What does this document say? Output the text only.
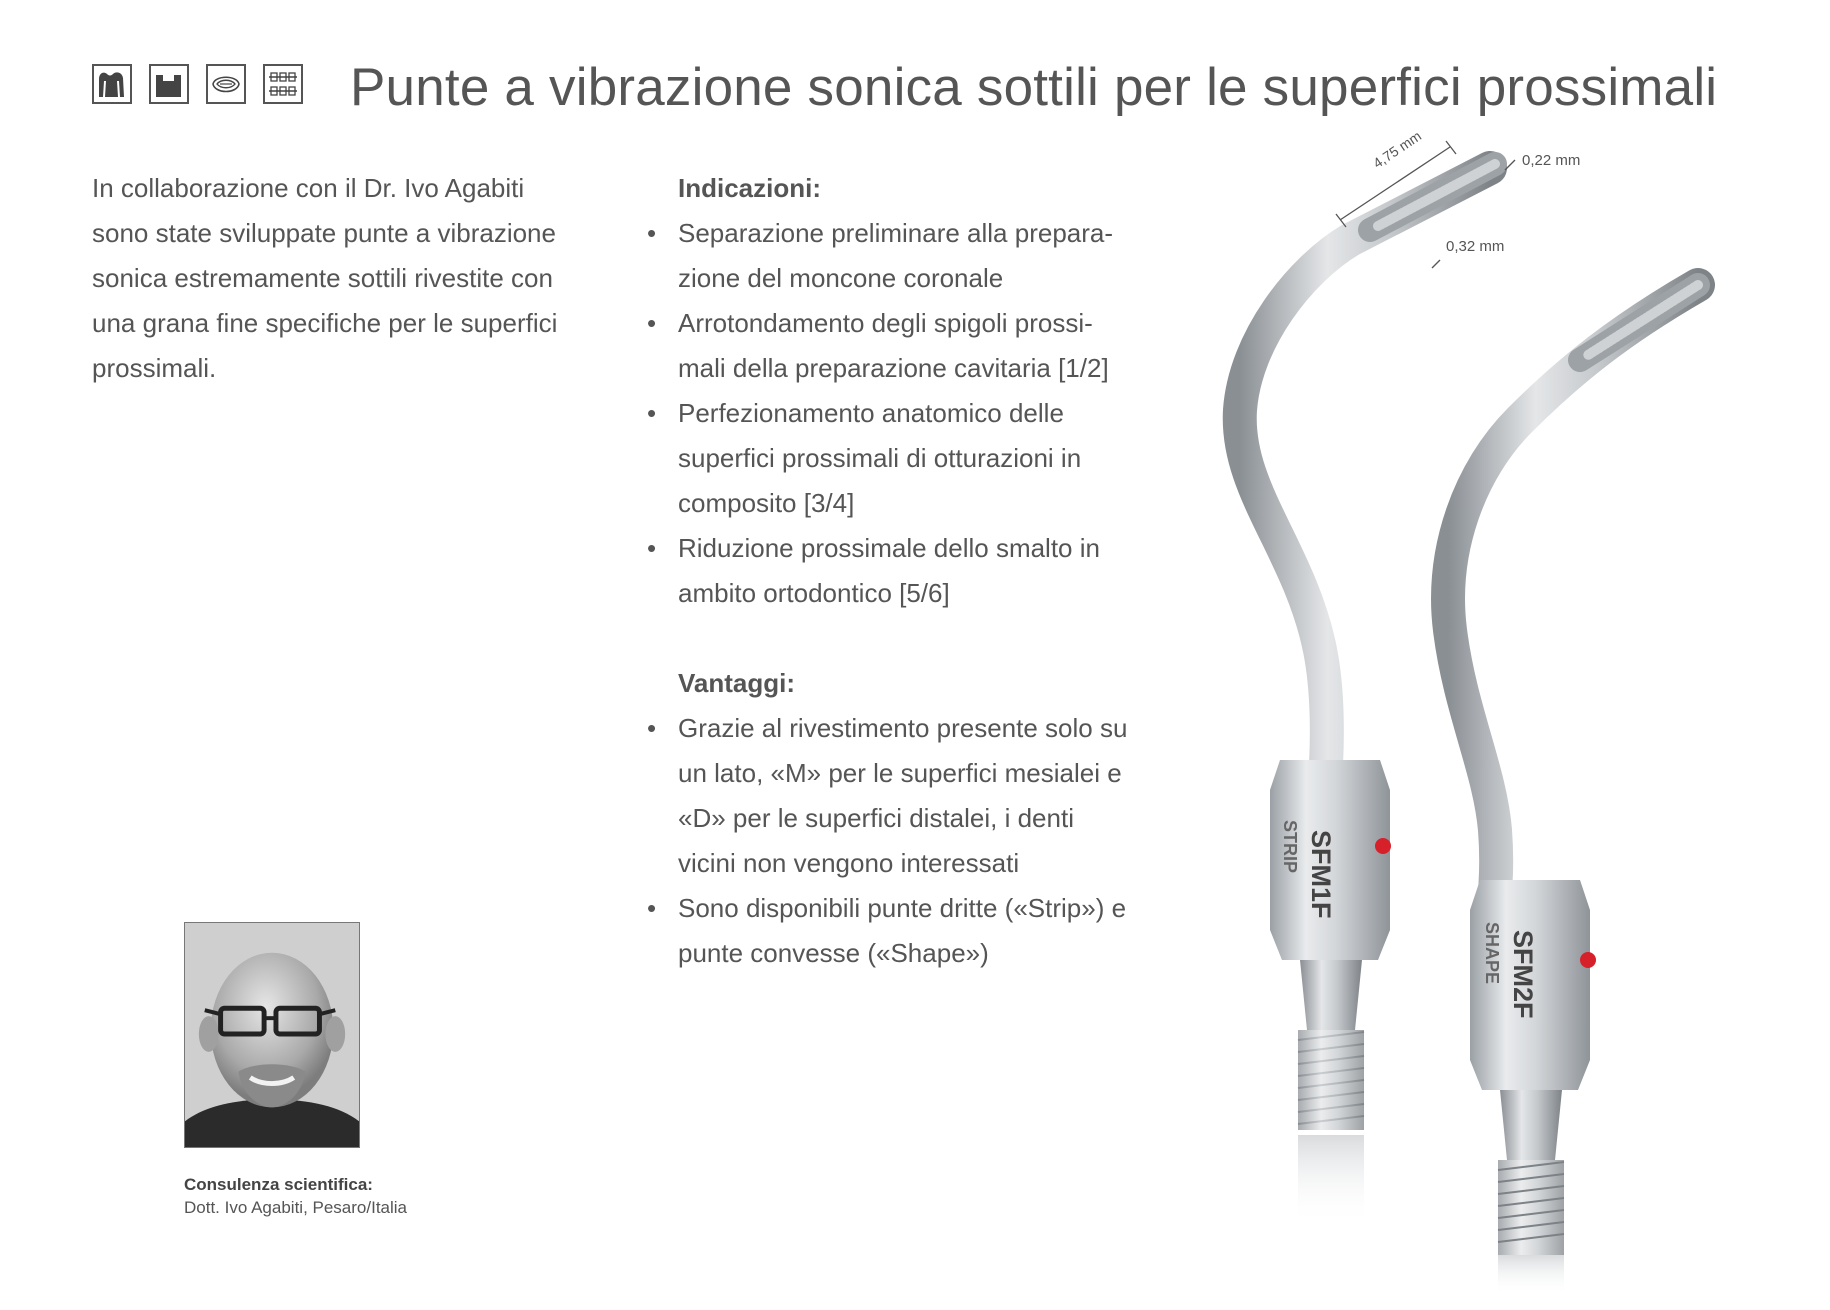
Punte a vibrazione sonica sottili per le superfici prossimali
In collaborazione con il Dr. Ivo Agabiti
sono state sviluppate punte a vibrazione
sonica estremamente sottili rivestite con
una grana fine specifiche per le superfici
prossimali.
Indicazioni:
• Separazione preliminare alla prepara-
zione del moncone coronale
• Arrotondamento degli spigoli prossi-
mali della preparazione cavitaria [1/2]
• Perfezionamento anatomico delle
superfici prossimali di otturazioni in
composito [3/4]
• Riduzione prossimale dello smalto in
ambito ortodontico [5/6]
Vantaggi:
• Grazie al rivestimento presente solo su
un lato, «M» per le superfici mesialei e
«D» per le superfici distalei, i denti
vicini non vengono interessati
• Sono disponibili punte dritte («Strip») e
punte convesse («Shape»)
Consulenza scientifica:
Dott. Ivo Agabiti, Pesaro/Italia
4,75 mm	0,22 mm
0,32 mm
SFM1F
STRIP
SFM2F
SHAPE
